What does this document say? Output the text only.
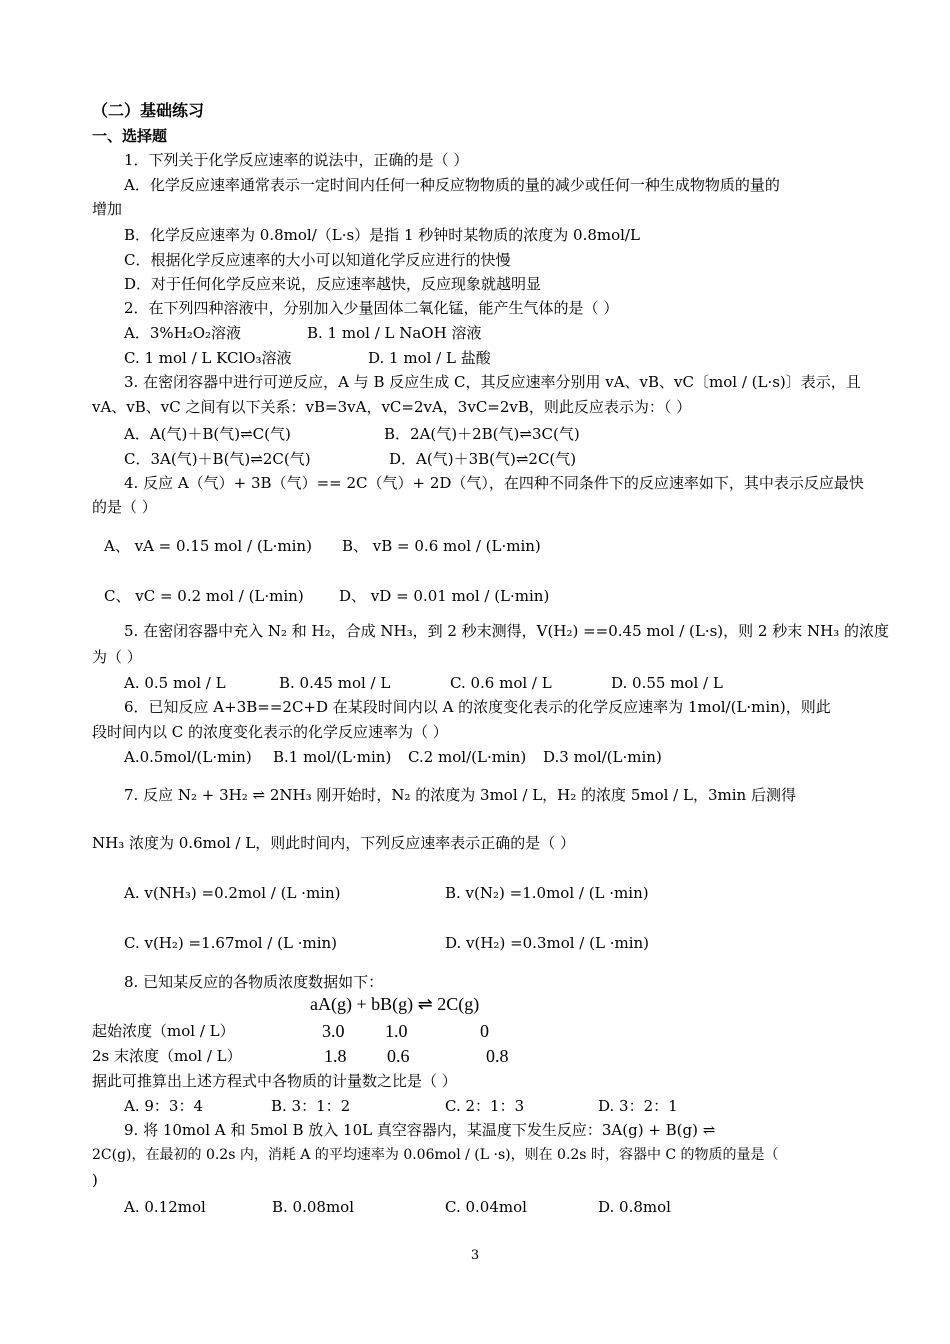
（二）基础练习
一、选择题
1．下列关于化学反应速率的说法中，正确的是（ ）
A．化学反应速率通常表示一定时间内任何一种反应物物质的量的减少或任何一种生成物物质的量的
增加
B．化学反应速率为 0.8mol/（L·s）是指 1 秒钟时某物质的浓度为 0.8mol/L
C．根据化学反应速率的大小可以知道化学反应进行的快慢
D．对于任何化学反应来说，反应速率越快，反应现象就越明显
2．在下列四种溶液中，分别加入少量固体二氧化锰，能产生气体的是（ ）
A．3%H₂O₂溶液	B. 1 mol / L NaOH 溶液
C. 1 mol / L KClO₃溶液	D. 1 mol / L 盐酸
3. 在密闭容器中进行可逆反应，A 与 B 反应生成 C，其反应速率分别用 vA、vB、vC〔mol / (L·s)〕表示，且
vA、vB、vC 之间有以下关系：vB=3vA，vC=2vA，3vC=2vB，则此反应表示为：（ ）
A．A(气)＋B(气)⇌C(气)	B．2A(气)＋2B(气)⇌3C(气)
C．3A(气)＋B(气)⇌2C(气)	D．A(气)＋3B(气)⇌2C(气)
4. 反应 A（气）+ 3B（气）== 2C（气）+ 2D（气），在四种不同条件下的反应速率如下，其中表示反应最快
的是（ ）
A、 vA = 0.15 mol / (L·min) B、 vB = 0.6 mol / (L·min)
C、 vC = 0.2 mol / (L·min) D、 vD = 0.01 mol / (L·min)
5. 在密闭容器中充入 N₂ 和 H₂，合成 NH₃，到 2 秒末测得，V(H₂) ==0.45 mol / (L·s)，则 2 秒末 NH₃ 的浓度
为（ ）
A. 0.5 mol / L	B. 0.45 mol / L	C. 0.6 mol / L	D. 0.55 mol / L
6．已知反应 A+3B==2C+D 在某段时间内以 A 的浓度变化表示的化学反应速率为 1mol/(L·min)，则此
段时间内以 C 的浓度变化表示的化学反应速率为（ ）
A.0.5mol/(L·min) B.1 mol/(L·min) C.2 mol/(L·min) D.3 mol/(L·min)
7. 反应 N₂ + 3H₂ ⇌ 2NH₃ 刚开始时，N₂ 的浓度为 3mol / L，H₂ 的浓度 5mol / L，3min 后测得
NH₃ 浓度为 0.6mol / L，则此时间内，下列反应速率表示正确的是（ ）
A. v(NH₃) =0.2mol / (L ·min)	B. v(N₂) =1.0mol / (L ·min)
C. v(H₂) =1.67mol / (L ·min)	D. v(H₂) =0.3mol / (L ·min)
8. 已知某反应的各物质浓度数据如下：
aA(g) + bB(g) ⇌ 2C(g)
起始浓度（mol / L）	3.0 1.0	0
2s 末浓度（mol / L）	1.8 0.6	0.8
据此可推算出上述方程式中各物质的计量数之比是（ ）
A. 9：3：4	B. 3：1：2	C. 2：1：3	D. 3：2：1
9. 将 10mol A 和 5mol B 放入 10L 真空容器内，某温度下发生反应：3A(g) + B(g) ⇌
2C(g)，在最初的 0.2s 内，消耗 A 的平均速率为 0.06mol / (L ·s)，则在 0.2s 时，容器中 C 的物质的量是（
)
A. 0.12mol	B. 0.08mol	C. 0.04mol	D. 0.8mol
3
